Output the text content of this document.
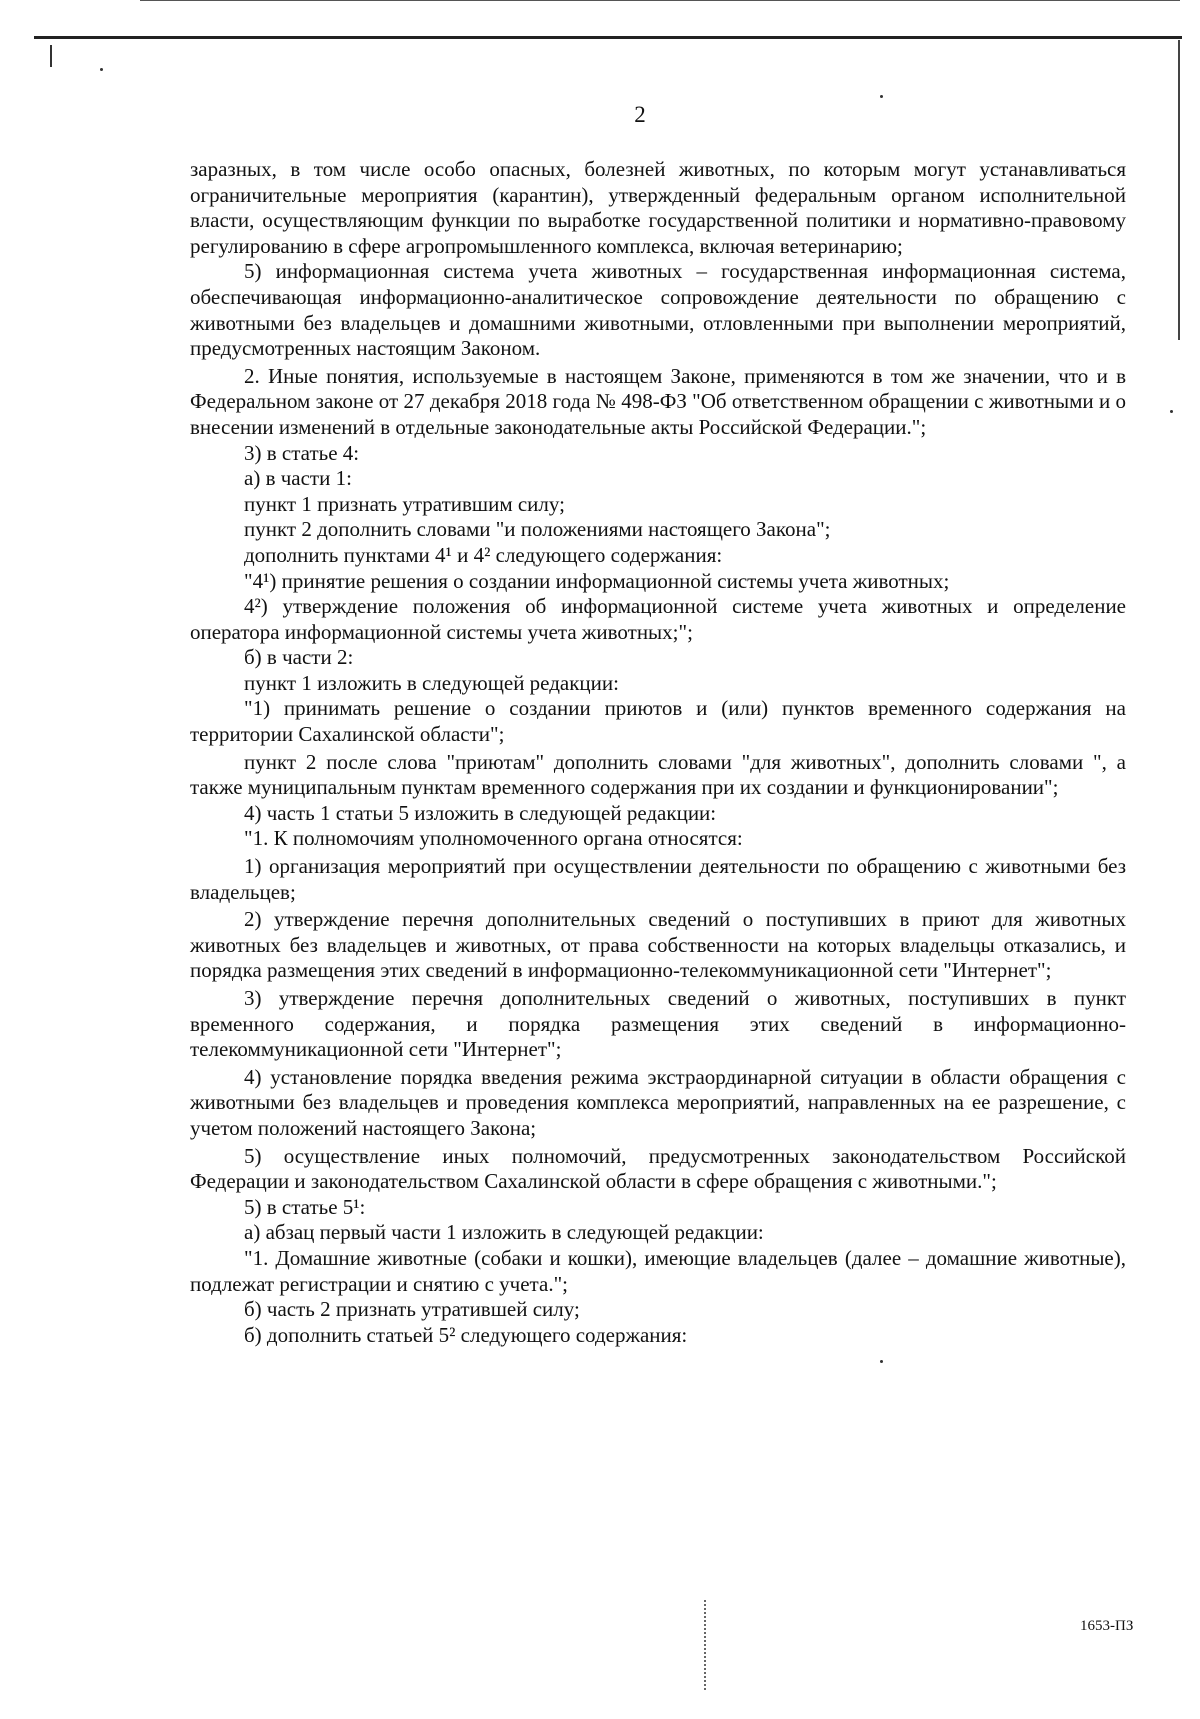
2

заразных, в том числе особо опасных, болезней животных, по которым могут устанавливаться ограничительные мероприятия (карантин), утвержденный федеральным органом исполнительной власти, осуществляющим функции по выработке государственной политики и нормативно-правовому регулированию в сфере агропромышленного комплекса, включая ветеринарию;

5) информационная система учета животных – государственная информационная система, обеспечивающая информационно-аналитическое сопровождение деятельности по обращению с животными без владельцев и домашними животными, отловленными при выполнении мероприятий, предусмотренных настоящим Законом.

2. Иные понятия, используемые в настоящем Законе, применяются в том же значении, что и в Федеральном законе от 27 декабря 2018 года № 498-ФЗ "Об ответственном обращении с животными и о внесении изменений в отдельные законодательные акты Российской Федерации.";

3) в статье 4:

а) в части 1:

пункт 1 признать утратившим силу;

пункт 2 дополнить словами "и положениями настоящего Закона";

дополнить пунктами 4¹ и 4² следующего содержания:

"4¹) принятие решения о создании информационной системы учета животных;

4²) утверждение положения об информационной системе учета животных и определение оператора информационной системы учета животных;";

б) в части 2:

пункт 1 изложить в следующей редакции:

"1) принимать решение о создании приютов и (или) пунктов временного содержания на территории Сахалинской области";

пункт 2 после слова "приютам" дополнить словами "для животных", дополнить словами ", а также муниципальным пунктам временного содержания при их создании и функционировании";

4) часть 1 статьи 5 изложить в следующей редакции:

"1. К полномочиям уполномоченного органа относятся:

1) организация мероприятий при осуществлении деятельности по обращению с животными без владельцев;

2) утверждение перечня дополнительных сведений о поступивших в приют для животных животных без владельцев и животных, от права собственности на которых владельцы отказались, и порядка размещения этих сведений в информационно-телекоммуникационной сети "Интернет";

3) утверждение перечня дополнительных сведений о животных, поступивших в пункт временного содержания, и порядка размещения этих сведений в информационно-телекоммуникационной сети "Интернет";

4) установление порядка введения режима экстраординарной ситуации в области обращения с животными без владельцев и проведения комплекса мероприятий, направленных на ее разрешение, с учетом положений настоящего Закона;

5) осуществление иных полномочий, предусмотренных законодательством Российской Федерации и законодательством Сахалинской области в сфере обращения с животными.";

5) в статье 5¹:

а) абзац первый части 1 изложить в следующей редакции:

"1. Домашние животные (собаки и кошки), имеющие владельцев (далее – домашние животные), подлежат регистрации и снятию с учета.";

б) часть 2 признать утратившей силу;

б) дополнить статьей 5² следующего содержания:

1653-ПЗ
